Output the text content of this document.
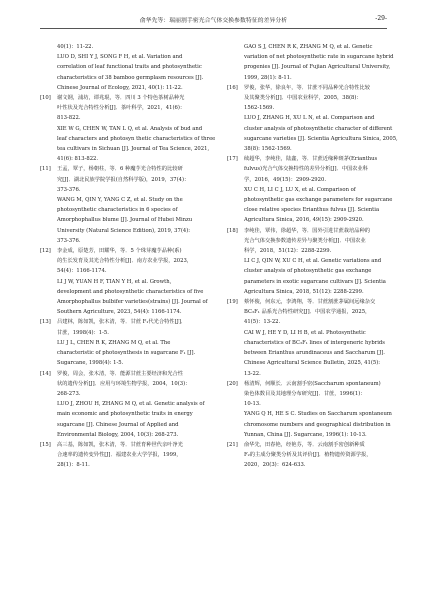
俞华先等：瑞丽割手密光合气体交换参数特征的差异分析	-29-
40(1)：11-22.
LUO D, SHI Y J, SONG F H, et al. Variation and
correlation of leaf functional traits and photosynthetic
characteristics of 38 bamboo germplasm resources [J].
Chinese Journal of Ecology, 2021, 40(1): 11-22.
[10]	谢文钢，浦坊，谭兆琨，等．四川 3 个特色茶树品种光
叶性状及光合特性分析[J]．茶叶科学，2021，41(6)：
813-822.
XIE W G, CHEN W, TAN L Q, et al. Analysis of bud and
leaf characters and photosyn thetic characteristics of three
tea cultivars in Sichuan [J]. Journal of Tea Science, 2021,
41(6): 813-822.
[11]	王孟，覃子，杨朝柱，等．6 种魔芋光合特性的比较研
究[J]．湖北民族学院学报(自然科学版)，2019，37(4)：
373-376.
WANG M, QIN Y, YANG C Z, et al. Study on the
photosynthetic characteristics in 6 species of
Amorphophallus blume [J]. Journal of Hubei Minzu
University (Natural Science Edition), 2019, 37(4):
373-376.
[12]	李金成，原楚芳，田耀华，等．5 个珠芽魔芋品种(系)
的生长发育及其光合特性分析[J]．南方农业学报，2023，
54(4)：1166-1174.
LI J W, YUAN H F, TIAN Y H, et al. Growth,
development and photosynthetic characteristics of five
Amorphophallus bulbifer varieties(strains) [J]. Journal of
Southern Agriculture, 2023, 54(4): 1166-1174.
[13]	吕建林，陈如凯，张木清，等．甘蔗 F₁代光合特性[J]．
甘蔗，1998(4)：1-5.
LU J L, CHEN R K, ZHANG M Q, et al. The
characteristic of photosynthesis in sugarcane F₁ [J].
Sugarcane, 1998(4): 1-5.
[14]	罗俊，周会，张木清，等．能源甘蔗主要经济和光合性
状的遗传分析[J]．应用与环境生物学报，2004，10(3)：
268-273.
LUO J, ZHOU H, ZHANG M Q, et al. Genetic analysis of
main economic and photosynthetic traits in energy
sugarcane [J]. Chinese Journal of Applied and
Environmental Biology, 2004, 10(3): 268-273.
[15]	高三基，陈如凯，张木清，等．甘蔗育种世代亲叶净光
合速率的遗传变异性[J]．福建农业大学学报，1999，
28(1)：8-11.
GAO S J, CHEN R K, ZHANG M Q, et al. Genetic
variation of net photosynthetic rate in sugarcane hybrid
progenies [J]. Journal of Fujian Agricultural University,
1999, 28(1): 8-11.
[16]	罗俊，张华，徐良年，等．甘蔗不同品种光合特性比较
及其聚类分析[J]．中国农业科学，2005，38(8)：
1562-1569.
LUO J, ZHANG H, XU L N, et al. Comparison and
cluster analysis of photosynthetic character of different
sugarcane varieties [J]. Scientia Agricultura Sinica, 2005,
38(8): 1562-1569.
[17]	续超华，李纯佳，陆鑫，等．甘蔗近缘种斑茅(Erianthus
fulvus)光合气体交换特性的差异分析[J]．中国农业科
学，2016，49(15)：2909-2920.
XU C H, LI C J, LU X, et al. Comparison of
photosynthetic gas exchange parameters for sugarcane
close relative species Erianthus fulvus [J]. Scientia
Agricultura Sinica, 2016, 49(15): 2909-2920.
[18]	李纯佳，覃伟，徐超华，等．国外引进甘蔗栽培品种的
光合气体交换参数遗传差异与聚类分析[J]．中国农业
科学，2018，51(12)：2288-2299.
LI C J, QIN W, XU C H, et al. Genetic variations and
cluster analysis of photosynthetic gas exchange
parameters in exotic sugarcane cultivars [J]. Scientia
Agricultura Sinica, 2018, 51(12): 2288-2299.
[19]	蔡怀俊，何东元，李鸿翔，等．甘蔗割蔗茅属间远缘杂交
BC₃F₁ 品系光合特性研究[J]．中国农学通报，2025，
41(5)：13-22.
CAI W J, HE Y D, LI H B, et al. Photosynthetic
characteristics of BC₃F₁ lines of intergeneric hybrids
between Erianthus arundinaceus and Saccharum [J].
Chinese Agricultural Science Bulletin, 2025, 41(5):
13-22.
[20]	杨清辉，何顺长．云南割手密(Saccharum spontaneum)
染色体数目及其地理分布研究[J]．甘蔗，1996(1)：
10-13.
YANG Q H, HE S C. Studies on Saccharum spontaneum
chromosome numbers and geographical distribution in
Yunnan, China [J]. Sugarcane, 1996(1): 10-13.
[21]	俞华先，田春艳，经艳芬，等．云南割手密创新种质
F₂的主成分聚类分析及其评价[J]．植物遗传资源学报，
2020，20(3)：624-633.
